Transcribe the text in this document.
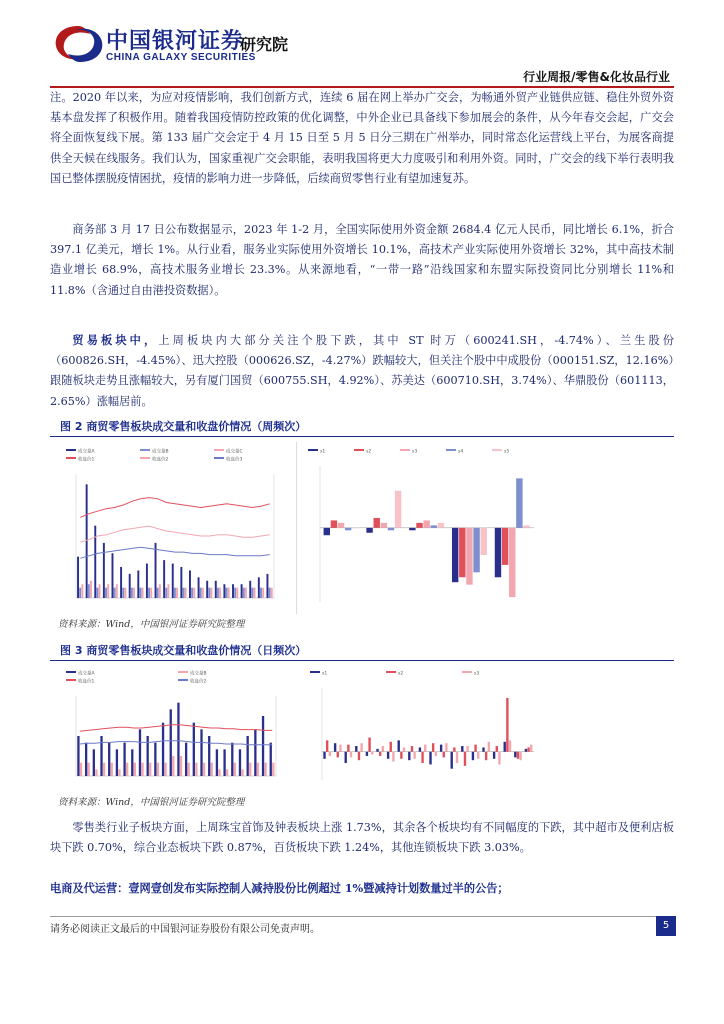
中国银河证券
CHINA GALAXY SECURITIES
研究院
行业周报/零售&化妆品行业
注。2020 年以来，为应对疫情影响，我们创新方式，连续 6 届在网上举办广交会，为畅通外贸产业链供应链、稳住外贸外资基本盘发挥了积极作用。随着我国疫情防控政策的优化调整，中外企业已具备线下参加展会的条件，从今年春交会起，广交会将全面恢复线下展。第 133 届广交会定于 4 月 15 日至 5 月 5 日分三期在广州举办，同时常态化运营线上平台，为展客商提供全天候在线服务。我们认为，国家重视广交会职能，表明我国将更大力度吸引和利用外资。同时，广交会的线下举行表明我国已整体摆脱疫情困扰，疫情的影响力进一步降低，后续商贸零售行业有望加速复苏。
商务部 3 月 17 日公布数据显示，2023 年 1-2 月，全国实际使用外资金额 2684.4 亿元人民币，同比增长 6.1%，折合 397.1 亿美元，增长 1%。从行业看，服务业实际使用外资增长 10.1%，高技术产业实际使用外资增长 32%，其中高技术制造业增长 68.9%，高技术服务业增长 23.3%。从来源地看，“一带一路”沿线国家和东盟实际投资同比分别增长 11%和 11.8%（含通过自由港投资数据）。
贸易板块中，上周板块内大部分关注个股下跌，其中 ST 时万（600241.SH，-4.74%）、兰生股份（600826.SH，-4.45%）、迅大控股（000626.SZ，-4.27%）跌幅较大，但关注个股中中成股份（000151.SZ，12.16%）跟随板块走势且涨幅较大，另有厦门国贸（600755.SH，4.92%）、苏美达（600710.SH，3.74%）、华鼎股份（601113，2.65%）涨幅居前。
图 2 商贸零售板块成交量和收盘价情况（周频次）
成交量A	成交量B	成交量C
收盘价1	收盘价2	收盘价3
s1	s2	s3	s4	s5
资料来源：Wind，中国银河证券研究院整理
图 3 商贸零售板块成交量和收盘价情况（日频次）
成交量A	成交量B
收盘价1	收盘价2
s1	s2	s3
资料来源：Wind，中国银河证券研究院整理
零售类行业子板块方面，上周珠宝首饰及钟表板块上涨 1.73%，其余各个板块均有不同幅度的下跌，其中超市及便利店板块下跌 0.70%，综合业态板块下跌 0.87%，百货板块下跌 1.24%，其他连锁板块下跌 3.03%。
电商及代运营：壹网壹创发布实际控制人减持股份比例超过 1%暨减持计划数量过半的公告；
请务必阅读正文最后的中国银河证券股份有限公司免责声明。	5
